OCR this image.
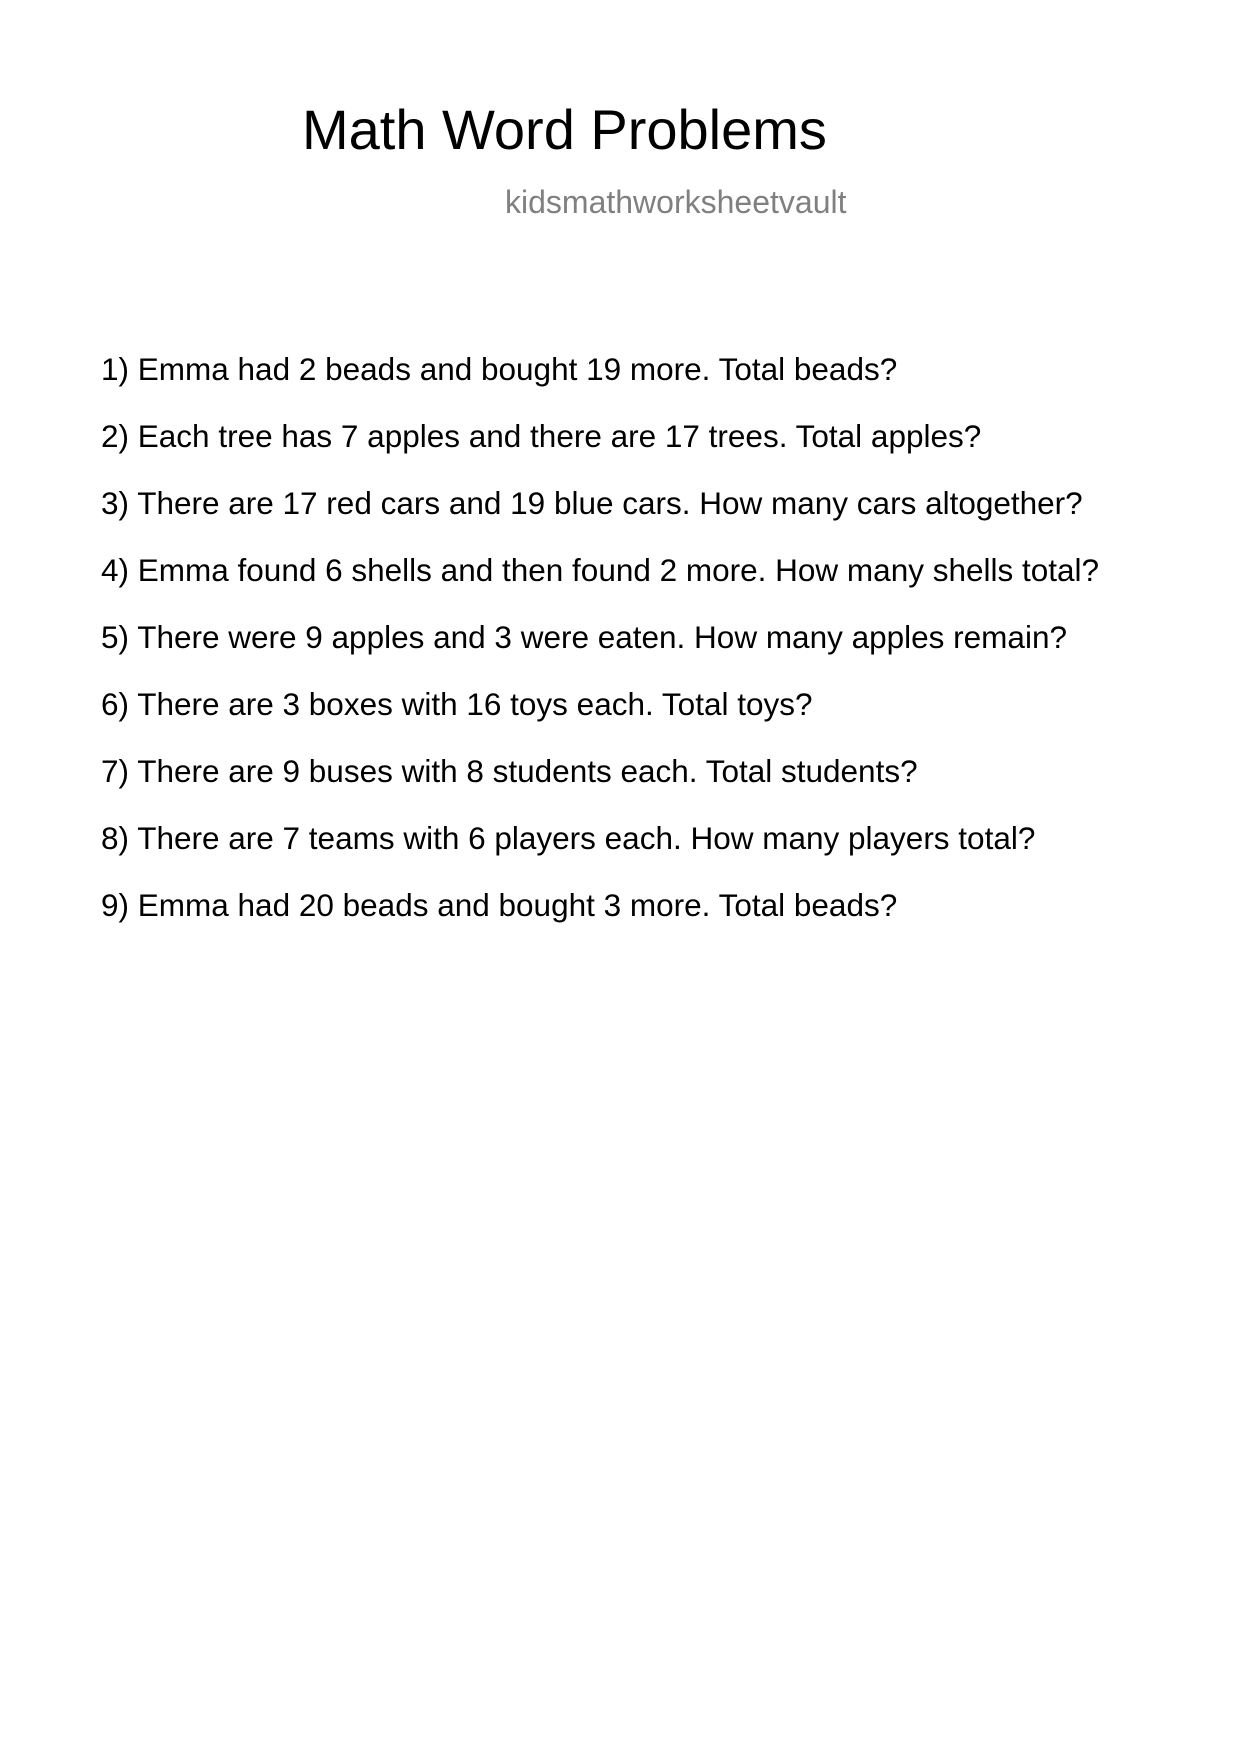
Math Word Problems
kidsmathworksheetvault
1) Emma had 2 beads and bought 19 more. Total beads?
2) Each tree has 7 apples and there are 17 trees. Total apples?
3) There are 17 red cars and 19 blue cars. How many cars altogether?
4) Emma found 6 shells and then found 2 more. How many shells total?
5) There were 9 apples and 3 were eaten. How many apples remain?
6) There are 3 boxes with 16 toys each. Total toys?
7) There are 9 buses with 8 students each. Total students?
8) There are 7 teams with 6 players each. How many players total?
9) Emma had 20 beads and bought 3 more. Total beads?
